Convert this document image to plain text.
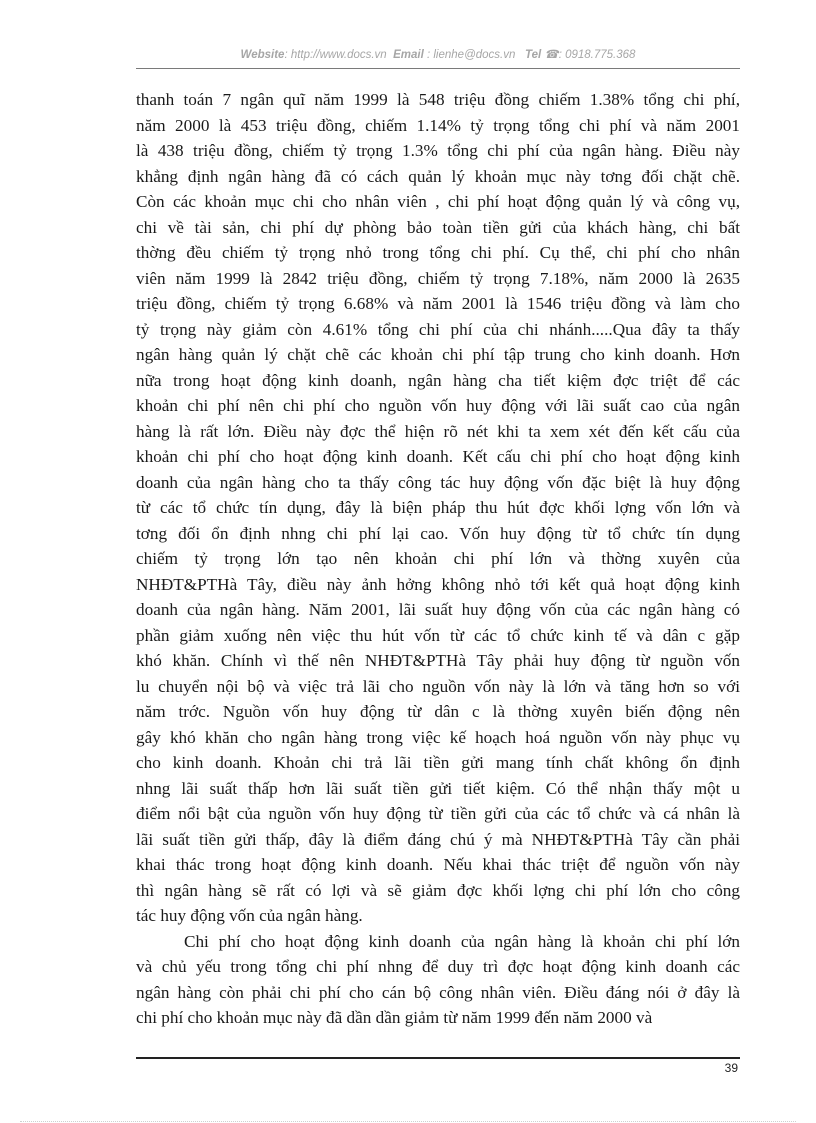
Website: http://www.docs.vn Email : lienhe@docs.vn Tel ☎: 0918.775.368
thanh toán 7 ngân quĩ năm 1999 là 548 triệu đồng chiếm 1.38% tổng chi phí,
năm 2000 là 453 triệu đồng, chiếm 1.14% tỷ trọng tổng chi phí và năm 2001
là 438 triệu đồng, chiếm tỷ trọng 1.3% tổng chi phí của ngân hàng. Điều này
khẳng định ngân hàng đã có cách quản lý khoản mục này tơng đối chặt chẽ.
Còn các khoản mục chi cho nhân viên , chi phí hoạt động quản lý và công vụ,
chi về tài sản, chi phí dự phòng bảo toàn tiền gửi của khách hàng, chi bất
thờng đều chiếm tỷ trọng nhỏ trong tổng chi phí. Cụ thể, chi phí cho nhân
viên năm 1999 là 2842 triệu đồng, chiếm tỷ trọng 7.18%, năm 2000 là 2635
triệu đồng, chiếm tỷ trọng 6.68% và năm 2001 là 1546 triệu đồng và làm cho
tỷ trọng này giảm còn 4.61% tổng chi phí của chi nhánh.....Qua đây ta thấy
ngân hàng quản lý chặt chẽ các khoản chi phí tập trung cho kinh doanh. Hơn
nữa trong hoạt động kinh doanh, ngân hàng cha tiết kiệm đợc triệt để các
khoản chi phí nên chi phí cho nguồn vốn huy động với lãi suất cao của ngân
hàng là rất lớn. Điều này đợc thể hiện rõ nét khi ta xem xét đến kết cấu của
khoản chi phí cho hoạt động kinh doanh. Kết cấu chi phí cho hoạt động kinh
doanh của ngân hàng cho ta thấy công tác huy động vốn đặc biệt là huy động
từ các tổ chức tín dụng, đây là biện pháp thu hút đợc khối lợng vốn lớn và
tơng đối ổn định nhng chi phí lại cao. Vốn huy động từ tổ chức tín dụng
chiếm tỷ trọng lớn tạo nên khoản chi phí lớn và thờng xuyên của
NHĐT&PTHà Tây, điều này ảnh hởng không nhỏ tới kết quả hoạt động kinh
doanh của ngân hàng. Năm 2001, lãi suất huy động vốn của các ngân hàng có
phần giảm xuống nên việc thu hút vốn từ các tổ chức kinh tế và dân c gặp
khó khăn. Chính vì thế nên NHĐT&PTHà Tây phải huy động từ nguồn vốn
lu chuyển nội bộ và việc trả lãi cho nguồn vốn này là lớn và tăng hơn so với
năm trớc. Nguồn vốn huy động từ dân c là thờng xuyên biến động nên
gây khó khăn cho ngân hàng trong việc kế hoạch hoá nguồn vốn này phục vụ
cho kinh doanh. Khoản chi trả lãi tiền gửi mang tính chất không ổn định
nhng lãi suất thấp hơn lãi suất tiền gửi tiết kiệm. Có thể nhận thấy một u
điểm nổi bật của nguồn vốn huy động từ tiền gửi của các tổ chức và cá nhân là
lãi suất tiền gửi thấp, đây là điểm đáng chú ý mà NHĐT&PTHà Tây cần phải
khai thác trong hoạt động kinh doanh. Nếu khai thác triệt để nguồn vốn này
thì ngân hàng sẽ rất có lợi và sẽ giảm đợc khối lợng chi phí lớn cho công
tác huy động vốn của ngân hàng.
Chi phí cho hoạt động kinh doanh của ngân hàng là khoản chi phí lớn
và chủ yếu trong tổng chi phí nhng để duy trì đợc hoạt động kinh doanh các
ngân hàng còn phải chi phí cho cán bộ công nhân viên. Điều đáng nói ở đây là
chi phí cho khoản mục này đã dần dần giảm từ năm 1999 đến năm 2000 và
39
